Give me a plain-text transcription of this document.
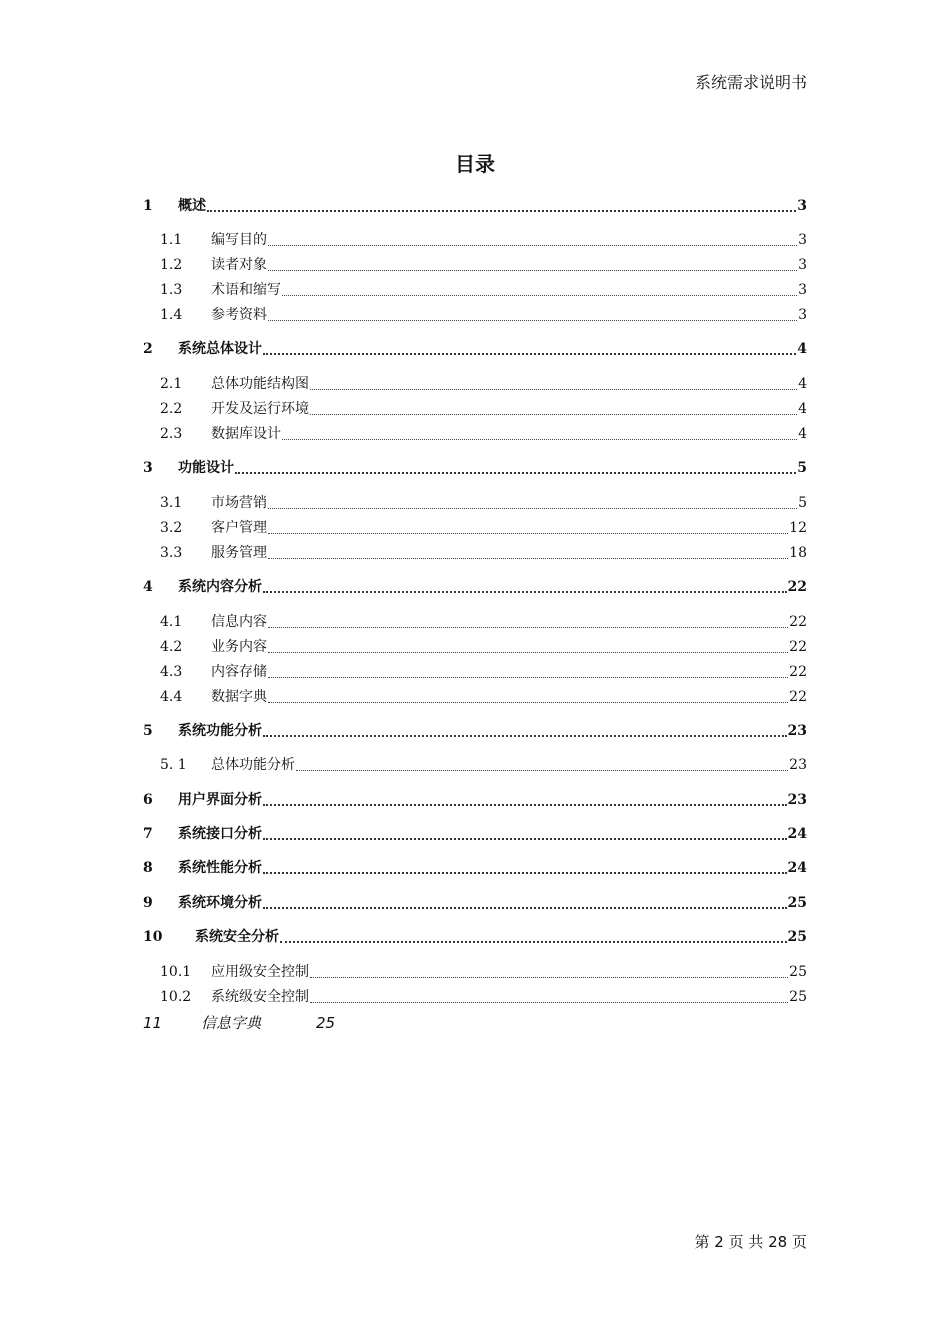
系统需求说明书
目录
1	概述	3
1.1	编写目的	3
1.2	读者对象	3
1.3	术语和缩写	3
1.4	参考资料	3
2	系统总体设计	4
2.1	总体功能结构图	4
2.2	开发及运行环境	4
2.3	数据库设计	4
3	功能设计	5
3.1	市场营销	5
3.2	客户管理	12
3.3	服务管理	18
4	系统内容分析	22
4.1	信息内容	22
4.2	业务内容	22
4.3	内容存储	22
4.4	数据字典	22
5	系统功能分析	23
5. 1	总体功能分析	23
6	用户界面分析	23
7	系统接口分析	24
8	系统性能分析	24
9	系统环境分析	25
10	系统安全分析	25
10.1	应用级安全控制	25
10.2	系统级安全控制	25
11	信息字典	25
第 2 页 共 28 页
